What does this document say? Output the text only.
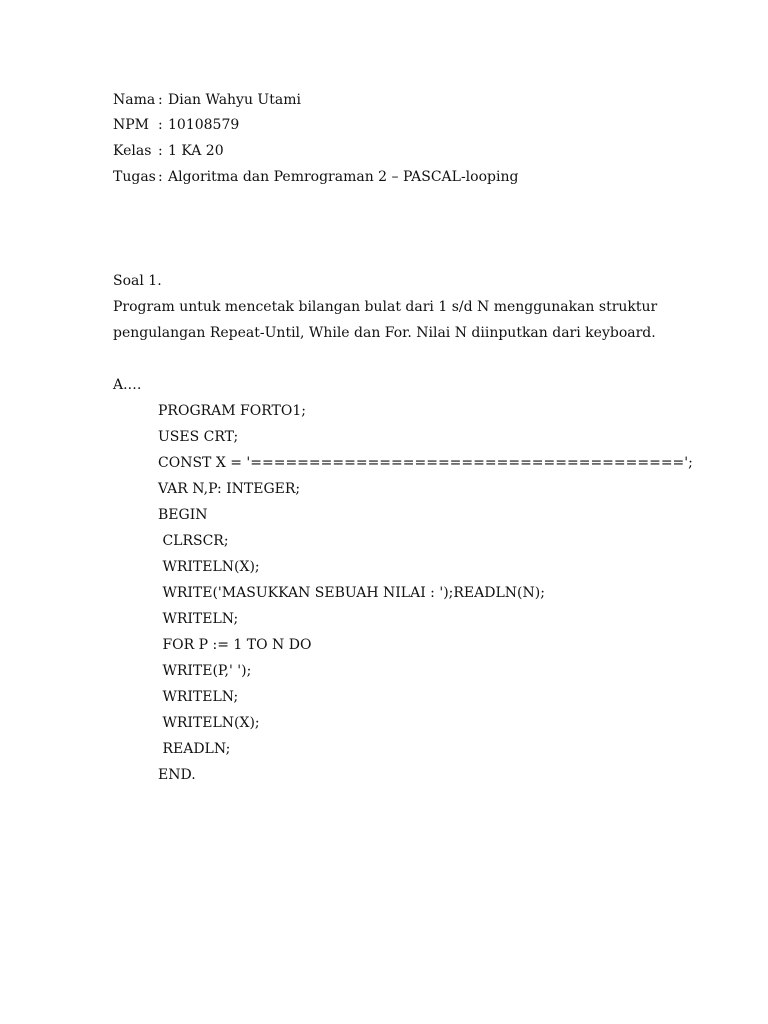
Nama : Dian Wahyu Utami
NPM : 10108579
Kelas : 1 KA 20
Tugas : Algoritma dan Pemrograman 2 – PASCAL-looping
Soal 1.
Program untuk mencetak bilangan bulat dari 1 s/d N menggunakan struktur
pengulangan Repeat-Until, While dan For. Nilai N diinputkan dari keyboard.
A.…
PROGRAM FORTO1;
USES CRT;
CONST X = '=====================================';
VAR N,P: INTEGER;
BEGIN
CLRSCR;
WRITELN(X);
WRITE('MASUKKAN SEBUAH NILAI : ');READLN(N);
WRITELN;
FOR P := 1 TO N DO
WRITE(P,' ');
WRITELN;
WRITELN(X);
READLN;
END.
